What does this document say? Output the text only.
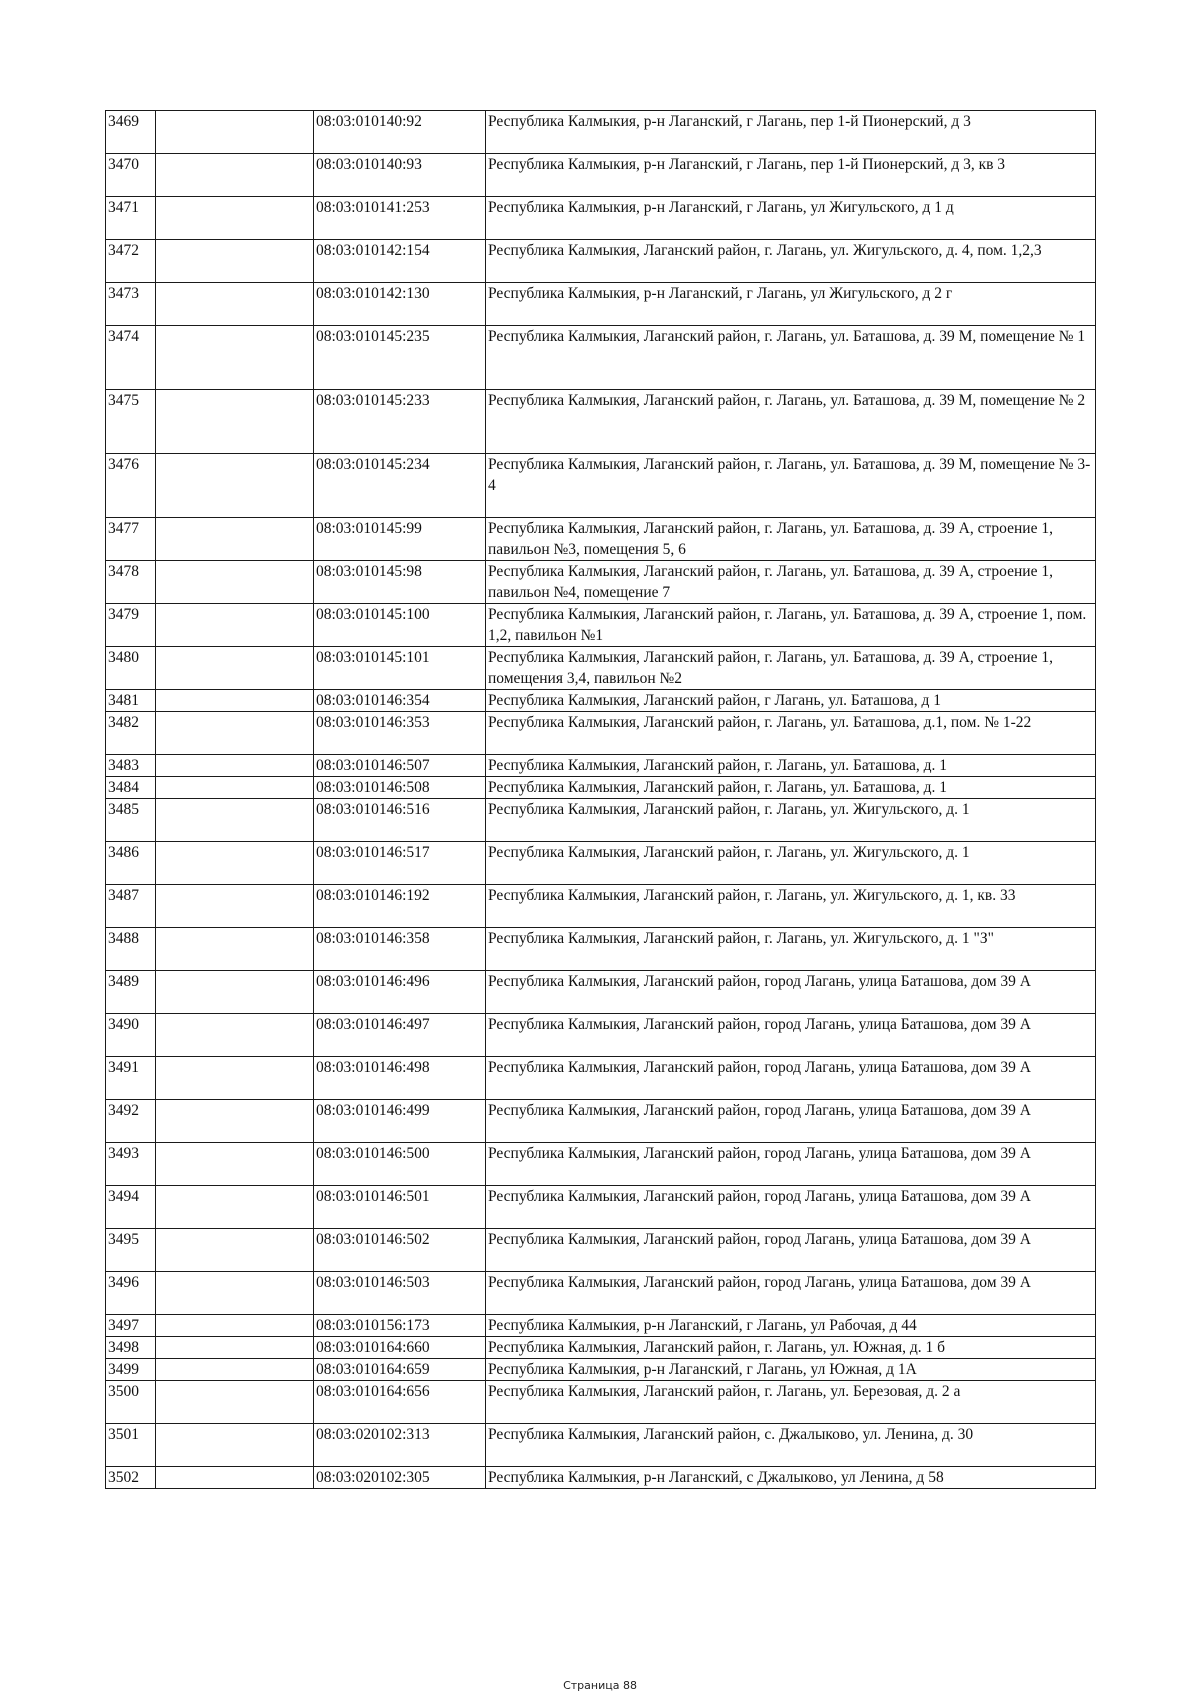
3469		08:03:010140:92	Республика Калмыкия, р-н Лаганский, г Лагань, пер 1-й Пионерский, д 3
3470		08:03:010140:93	Республика Калмыкия, р-н Лаганский, г Лагань, пер 1-й Пионерский, д 3, кв 3
3471		08:03:010141:253	Республика Калмыкия, р-н Лаганский, г Лагань, ул Жигульского, д 1 д
3472		08:03:010142:154	Республика Калмыкия, Лаганский район, г. Лагань, ул. Жигульского, д. 4, пом. 1,2,3
3473		08:03:010142:130	Республика Калмыкия, р-н Лаганский, г Лагань, ул Жигульского, д 2 г
3474		08:03:010145:235	Республика Калмыкия, Лаганский район, г. Лагань, ул. Баташова, д. 39 М, помещение № 1
3475		08:03:010145:233	Республика Калмыкия, Лаганский район, г. Лагань, ул. Баташова, д. 39 М, помещение № 2
3476		08:03:010145:234	Республика Калмыкия, Лаганский район, г. Лагань, ул. Баташова, д. 39 М, помещение № 3-4
3477		08:03:010145:99	Республика Калмыкия, Лаганский район, г. Лагань, ул. Баташова, д. 39 А, строение 1, павильон №3, помещения 5, 6
3478		08:03:010145:98	Республика Калмыкия, Лаганский район, г. Лагань, ул. Баташова, д. 39 А, строение 1, павильон №4, помещение 7
3479		08:03:010145:100	Республика Калмыкия, Лаганский район, г. Лагань, ул. Баташова, д. 39 А, строение 1, пом. 1,2, павильон №1
3480		08:03:010145:101	Республика Калмыкия, Лаганский район, г. Лагань, ул. Баташова, д. 39 А, строение 1, помещения 3,4, павильон №2
3481		08:03:010146:354	Республика Калмыкия, Лаганский район, г Лагань, ул. Баташова, д 1
3482		08:03:010146:353	Республика Калмыкия, Лаганский район, г. Лагань, ул. Баташова, д.1, пом. № 1-22
3483		08:03:010146:507	Республика Калмыкия, Лаганский район, г. Лагань, ул. Баташова, д. 1
3484		08:03:010146:508	Республика Калмыкия, Лаганский район, г. Лагань, ул. Баташова, д. 1
3485		08:03:010146:516	Республика Калмыкия, Лаганский район, г. Лагань, ул. Жигульского, д. 1
3486		08:03:010146:517	Республика Калмыкия, Лаганский район, г. Лагань, ул. Жигульского, д. 1
3487		08:03:010146:192	Республика Калмыкия, Лаганский район, г. Лагань, ул. Жигульского, д. 1, кв. 33
3488		08:03:010146:358	Республика Калмыкия, Лаганский район, г. Лагань, ул. Жигульского, д. 1 "З"
3489		08:03:010146:496	Республика Калмыкия, Лаганский район, город Лагань, улица Баташова, дом 39 А
3490		08:03:010146:497	Республика Калмыкия, Лаганский район, город Лагань, улица Баташова, дом 39 А
3491		08:03:010146:498	Республика Калмыкия, Лаганский район, город Лагань, улица Баташова, дом 39 А
3492		08:03:010146:499	Республика Калмыкия, Лаганский район, город Лагань, улица Баташова, дом 39 А
3493		08:03:010146:500	Республика Калмыкия, Лаганский район, город Лагань, улица Баташова, дом 39 А
3494		08:03:010146:501	Республика Калмыкия, Лаганский район, город Лагань, улица Баташова, дом 39 А
3495		08:03:010146:502	Республика Калмыкия, Лаганский район, город Лагань, улица Баташова, дом 39 А
3496		08:03:010146:503	Республика Калмыкия, Лаганский район, город Лагань, улица Баташова, дом 39 А
3497		08:03:010156:173	Республика Калмыкия, р-н Лаганский, г Лагань, ул Рабочая, д 44
3498		08:03:010164:660	Республика Калмыкия, Лаганский район, г. Лагань, ул. Южная, д. 1 б
3499		08:03:010164:659	Республика Калмыкия, р-н Лаганский, г Лагань, ул Южная, д 1А
3500		08:03:010164:656	Республика Калмыкия, Лаганский район, г. Лагань, ул. Березовая, д. 2 а
3501		08:03:020102:313	Республика Калмыкия, Лаганский район, с. Джалыково, ул. Ленина, д. 30
3502		08:03:020102:305	Республика Калмыкия, р-н Лаганский, с Джалыково, ул Ленина, д 58
Страница 88
